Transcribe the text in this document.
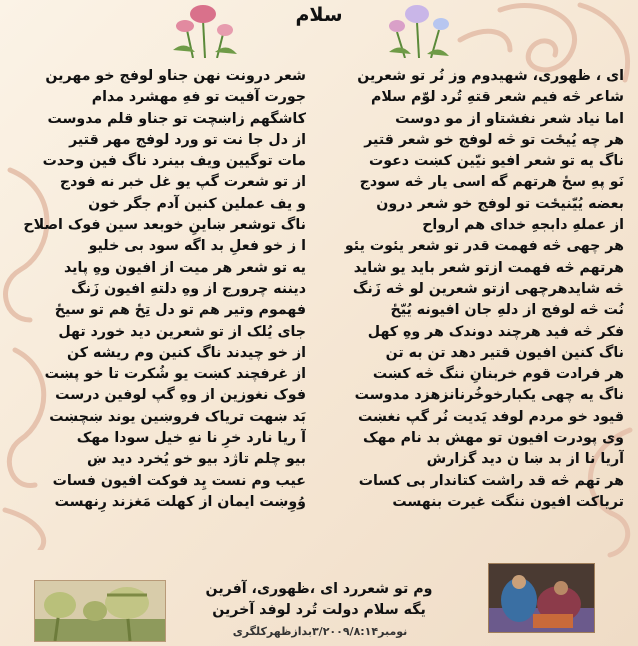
سلام
ای ، ظهوری، شهیدوم وز نُر تو شعرین
شاعر څه فیم شعر قتهِ تُرد لوّم سلام
اما نیاد شعر نفشتاو از مو دوست
هر چه یُیځت تو څه لوفج خو شعر قتیر
ناگ یه تو شعر افیو نیّین کښت دعوت
نَو پهِ سځ هرتهم گه اسی یار څه سودج
بعضه یُیّنیځت تو لوفج خو شعر درون
از عملهِ دابجهِ خدای هم ارواح
هر چهی څه فهمت قدر تو شعر یئوت یئو
هرتهم څه فهمت ازتو شعر باید یو شاید
څه شایدهرچهی ازتو شعرین لو څه زَنگ
نُت څه لوفج از دلهِ جان افیونه یُیّځ
فکر څه فید هرچند دوندک هر وهِ کهل
ناگ کنین افیون قتیر دهد تن به تن
هر فرادت قوم خربنانِ ننگ څه کښت
ناگ یه چهی یکبارخوخُرنانزهزد مدوست
قیود خو مردم لوفد یَدیت نُر گپ نغښت
وی پودرت افیون تو مهش بد نام مهک
آریا نا از بد ښا ن دید گزارش
هر تهم څه قد راشت کتاندار بی کسات
تریاکت افیون ننگت غیرت بنهست
شعر درونت نهن جناو لوفج خو مهرین
جورت آفیت تو فهِ مهشرد مدام
کاشگهم زاښچت تو جناو قلم مدوست
از دل جا نت تو ورد لوفج مهر قتیر
مات توگیین ویف بینرد ناگ فین وحدت
از تو شعرت گپ یو غل خبر نه فودج
و یف عملین کنین آدم جگر خون
ناگ توشعر ښاینِ خوبعد سین فوک اصلاح
ا ز خو فعلِ بد اگه سود بی خلیو
یه تو شعر هر میت از افیون وهِ پاید
دیننه چرورج از وهِ دلتهِ افیون زَنگ
فهموم وتیر هم تو دل تِځ هم تو سیځ
جای یُلک از تو شعرین دید خورد تهل
از خو چیدند ناگ کنین وم ریشه کن
از غرفچند کښت یو شُکرت تا خو پښت
فوک نغوزین از وهِ گپ لوفین درست
بَد ښهت تریاک فروښین یوند ښچښت
آ ریا نارد خرِ نا نهِ خیل سودا مهک
بیو چلم تاژد بیو خو یُخرد دید ښ
عیب وم نست یِد فوکت افیون فسات
وُوِښت ایمان از کهلت مَغزند رِنهست
وم تو شعررد ای ،ظهوری، آفرین
یگه سلام دولت تُرد لوفد آخرین
نومبر۳/۲۰۰۹/۸:۱۴بدازظهرکلگری
